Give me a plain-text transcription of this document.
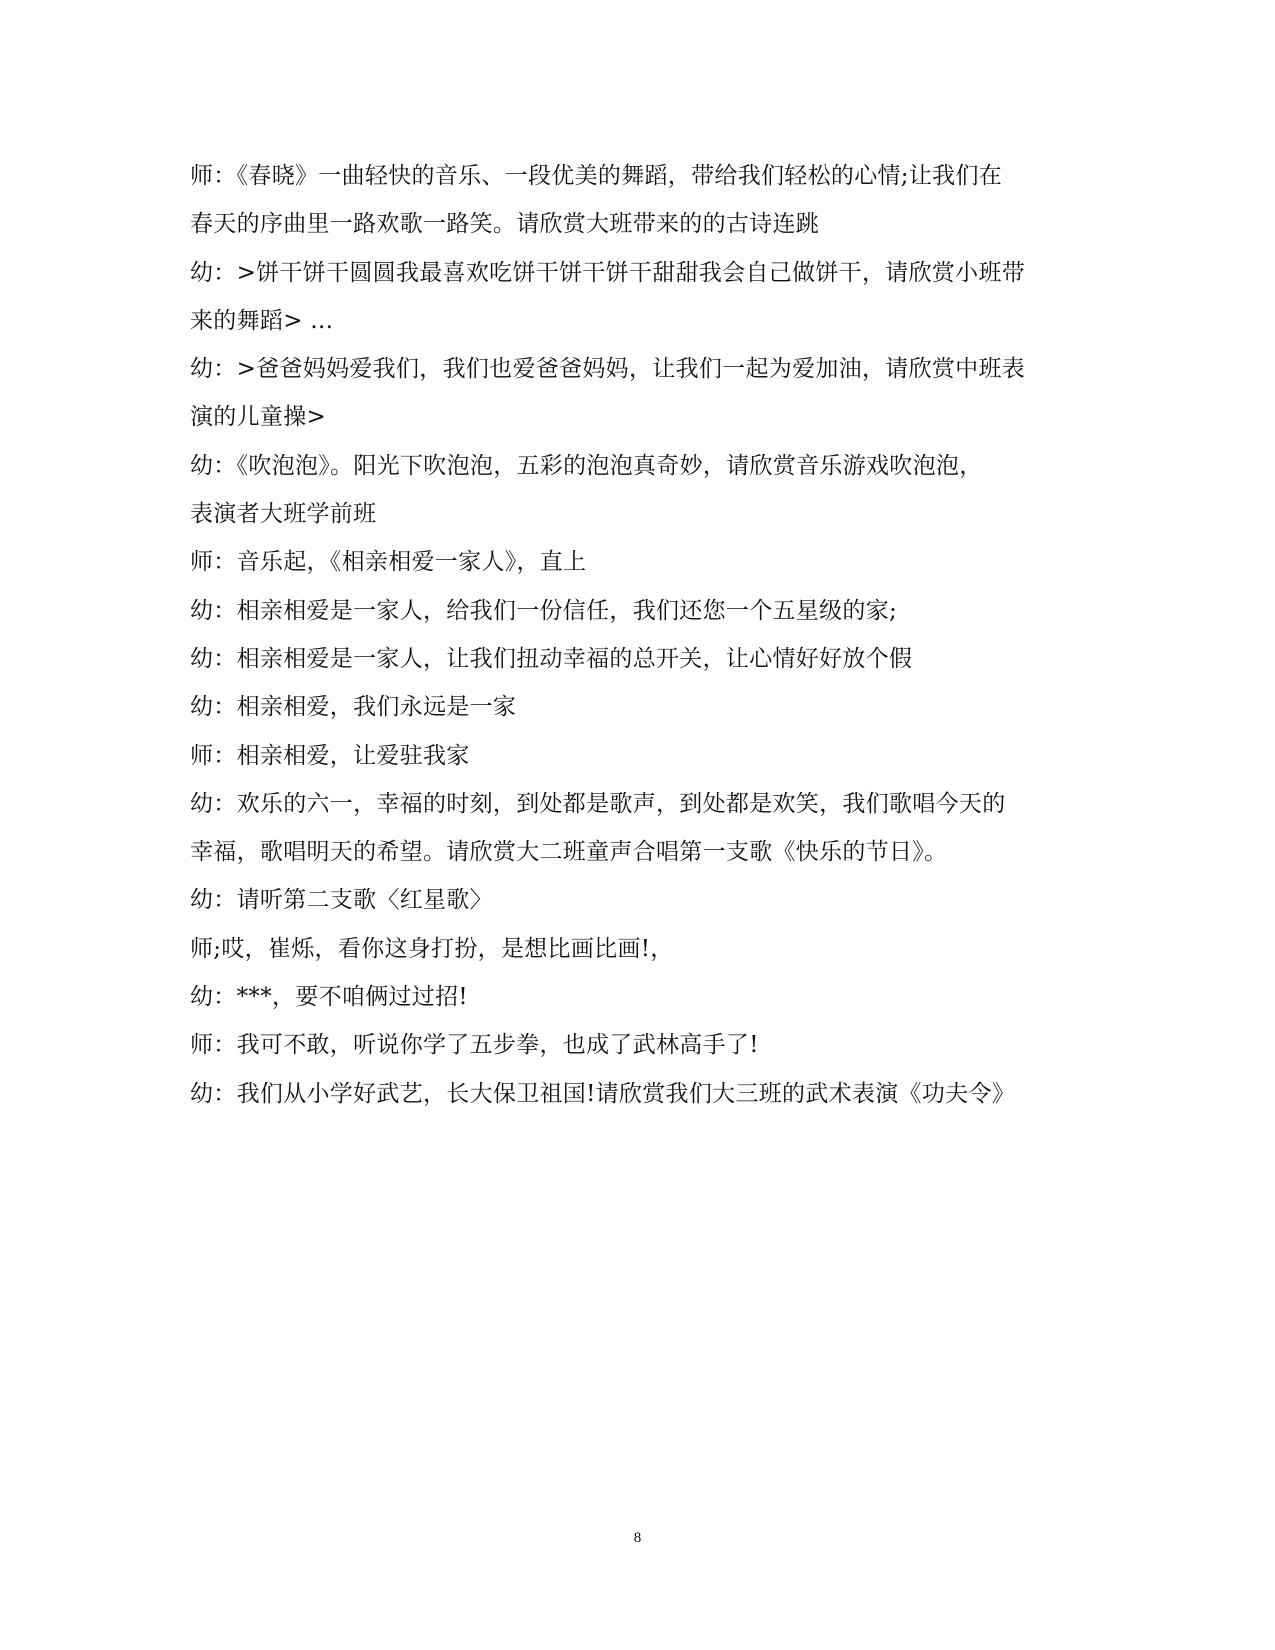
师：《春晓》一曲轻快的音乐、一段优美的舞蹈，带给我们轻松的心情;让我们在
春天的序曲里一路欢歌一路笑。请欣赏大班带来的的古诗连跳
幼：>饼干饼干圆圆我最喜欢吃饼干饼干饼干甜甜我会自己做饼干，请欣赏小班带
来的舞蹈> ...
幼：>爸爸妈妈爱我们，我们也爱爸爸妈妈，让我们一起为爱加油，请欣赏中班表
演的儿童操>
幼：《吹泡泡》。阳光下吹泡泡，五彩的泡泡真奇妙，请欣赏音乐游戏吹泡泡，
表演者大班学前班
师：音乐起，《相亲相爱一家人》，直上
幼：相亲相爱是一家人，给我们一份信任，我们还您一个五星级的家;
幼：相亲相爱是一家人，让我们扭动幸福的总开关，让心情好好放个假
幼：相亲相爱，我们永远是一家
师：相亲相爱，让爱驻我家
幼：欢乐的六一，幸福的时刻，到处都是歌声，到处都是欢笑，我们歌唱今天的
幸福，歌唱明天的希望。请欣赏大二班童声合唱第一支歌《快乐的节日》。
幼：请听第二支歌〈红星歌〉
师;哎，崔烁，看你这身打扮，是想比画比画!，
幼：***，要不咱俩过过招!
师：我可不敢，听说你学了五步拳，也成了武林高手了!
幼：我们从小学好武艺，长大保卫祖国!请欣赏我们大三班的武术表演《功夫令》
8
